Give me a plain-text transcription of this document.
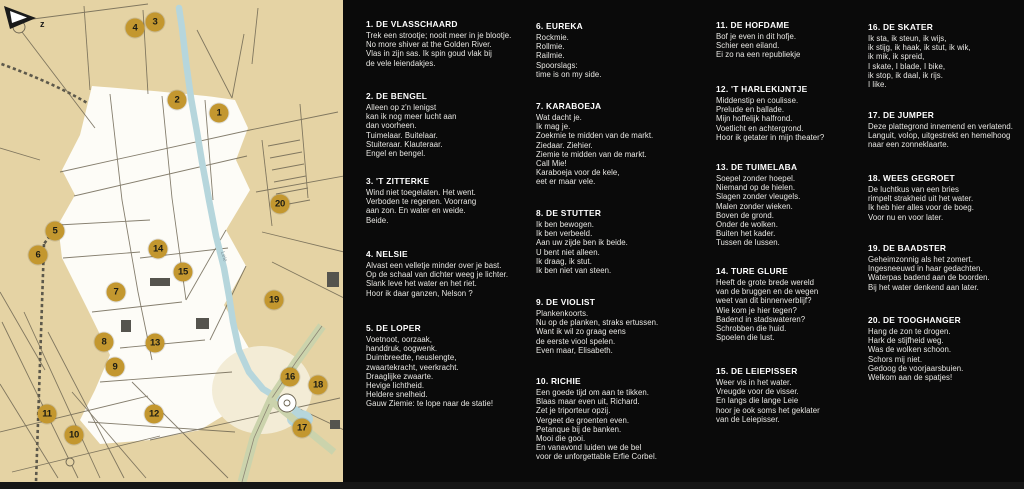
Leie
z
1
2
3
4
5
6
7
8
9
10
11	12
13
14
15
16
17
18
19
20
1. DE VLASSCHAARD
Trek een strootje; nooit meer in je blootje.
No more shiver at the Golden River.
Vlas in zijn sas. Ik spin goud vlak bij
de vele leiendakjes.
2. DE BENGEL
Alleen op z'n lenigst
kan ik nog meer lucht aan
dan voorheen.
Tuimelaar. Buitelaar.
Stuiteraar. Klauteraar.
Engel en bengel.
3. 'T ZITTERKE
Wind niet toegelaten. Het went.
Verboden te regenen. Voorrang
aan zon. En water en weide.
Beide.
4. NELSIE
Alvast een velletje minder over je bast.
Op de schaal van dichter weeg je lichter.
Slank leve het water en het riet.
Hoor ik daar ganzen, Nelson ?
5. DE LOPER
Voetnoot, oorzaak,
handdruk, oogwenk.
Duimbreedte, neuslengte,
zwaartekracht, veerkracht.
Draaglijke zwaarte.
Hevige lichtheid.
Heldere snelheid.
Gauw Ziemie: te lope naar de statie!
6. EUREKA
Rockmie.
Rollmie.
Railmie.
Spoorslags:
time is on my side.
7. KARABOEJA
Wat dacht je.
Ik mag je.
Zoekmie te midden van de markt.
Ziedaar. Ziehier.
Ziemie te midden van de markt.
Call Mie!
Karaboeja voor de kele,
eet er maar vele.
8. DE STUTTER
Ik ben bewogen.
Ik ben verbeeld.
Aan uw zijde ben ik beide.
U bent niet alleen.
Ik draag, ik stut.
Ik ben niet van steen.
9. DE VIOLIST
Plankenkoorts.
Nu op de planken, straks ertussen.
Want ik wil zo graag eens
de eerste viool spelen.
Even maar, Elisabeth.
10. RICHIE
Een goede tijd om aan te tikken.
Blaas maar even uit, Richard.
Zet je triporteur opzij.
Vergeet de groenten even.
Petanque bij de banken.
Mooi die gooi.
En vanavond luiden we de bel
voor de unforgettable Erfie Corbel.
11. DE HOFDAME
Bof je even in dit hofje.
Schier een eiland.
Ei zo na een republiekje
12. 'T HARLEKIJNTJE
Middenstip en coulisse.
Prelude en ballade.
Mijn hoffelijk halfrond.
Voetlicht en achtergrond.
Hoor ik getater in mijn theater?
13. DE TUIMELABA
Soepel zonder hoepel.
Niemand op de hielen.
Slagen zonder vleugels.
Malen zonder wieken.
Boven de grond.
Onder de wolken.
Buiten het kader.
Tussen de lussen.
14. TURE GLURE
Heeft de grote brede wereld
van de bruggen en de wegen
weet van dit binnenverblijf?
Wie kom je hier tegen?
Badend in stadswateren?
Schrobben die huid.
Spoelen die lust.
15. DE LEIEPISSER
Weer vis in het water.
Vreugde voor de visser.
En langs die lange Leie
hoor je ook soms het geklater
van de Leiepisser.
16. DE SKATER
Ik sta, ik steun, ik wijs,
ik stijg, ik haak, ik stut, ik wik,
ik mik, ik spreid,
I skate, I blade, I bike,
ik stop, ik daal, ik rijs.
I like.
17. DE JUMPER
Deze plattegrond innemend en verlatend.
Languit, volop, uitgestrekt en hemelhoog
naar een zonneklaarte.
18. WEES GEGROET
De luchtkus van een bries
rimpelt strakheid uit het water.
Ik heb hier alles voor de boeg.
Voor nu en voor later.
19. DE BAADSTER
Geheimzonnig als het zomert.
Ingesneeuwd in haar gedachten.
Waterpas badend aan de boorden.
Bij het water denkend aan later.
20. DE TOOGHANGER
Hang de zon te drogen.
Hark de stijfheid weg.
Was de wolken schoon.
Schors mij niet.
Gedoog de voorjaarsbuien.
Welkom aan de spatjes!
